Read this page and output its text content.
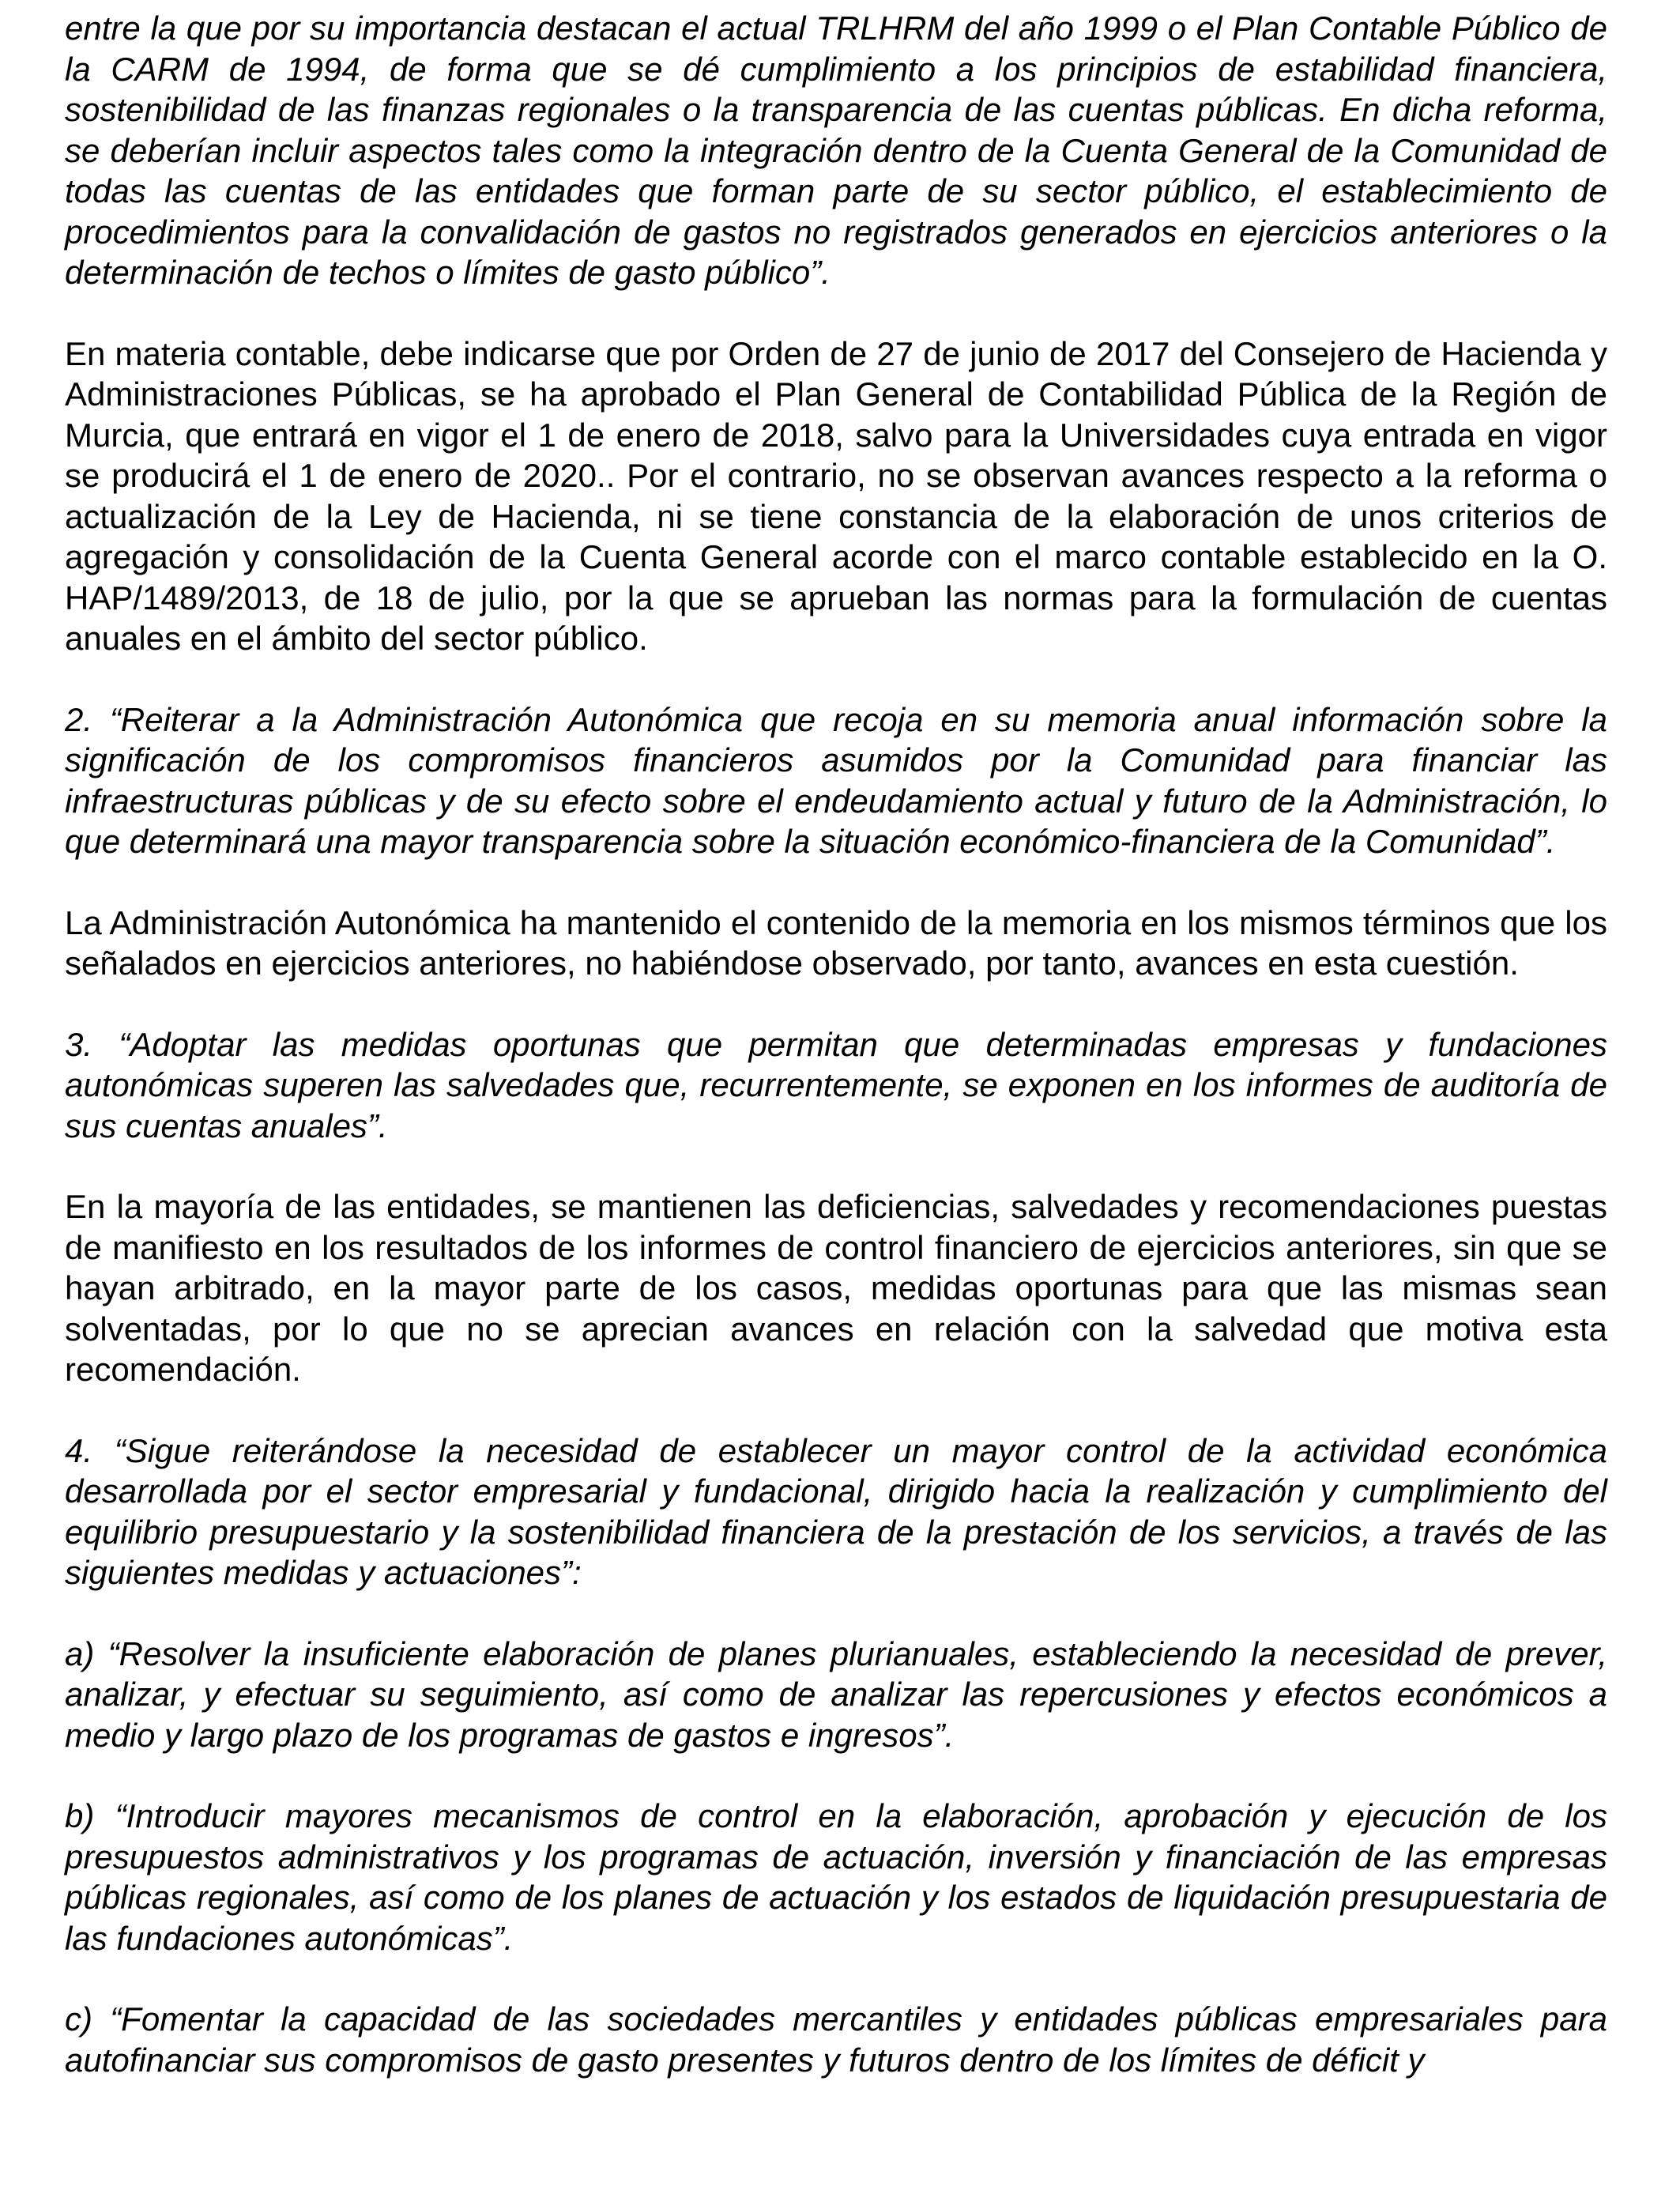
entre la que por su importancia destacan el actual TRLHRM del año 1999 o el Plan Contable Público de la CARM de 1994, de forma que se dé cumplimiento a los principios de estabilidad financiera, sostenibilidad de las finanzas regionales o la transparencia de las cuentas públicas. En dicha reforma, se deberían incluir aspectos tales como la integración dentro de la Cuenta General de la Comunidad de todas las cuentas de las entidades que forman parte de su sector público, el establecimiento de procedimientos para la convalidación de gastos no registrados generados en ejercicios anteriores o la determinación de techos o límites de gasto público”.

En materia contable, debe indicarse que por Orden de 27 de junio de 2017 del Consejero de Hacienda y Administraciones Públicas, se ha aprobado el Plan General de Contabilidad Pública de la Región de Murcia, que entrará en vigor el 1 de enero de 2018, salvo para la Universidades cuya entrada en vigor se producirá el 1 de enero de 2020.. Por el contrario, no se observan avances respecto a la reforma o actualización de la Ley de Hacienda, ni se tiene constancia de la elaboración de unos criterios de agregación y consolidación de la Cuenta General acorde con el marco contable establecido en la O. HAP/1489/2013, de 18 de julio, por la que se aprueban las normas para la formulación de cuentas anuales en el ámbito del sector público.

2. “Reiterar a la Administración Autonómica que recoja en su memoria anual información sobre la significación de los compromisos financieros asumidos por la Comunidad para financiar las infraestructuras públicas y de su efecto sobre el endeudamiento actual y futuro de la Administración, lo que determinará una mayor transparencia sobre la situación económico-financiera de la Comunidad”.

La Administración Autonómica ha mantenido el contenido de la memoria en los mismos términos que los señalados en ejercicios anteriores, no habiéndose observado, por tanto, avances en esta cuestión.

3. “Adoptar las medidas oportunas que permitan que determinadas empresas y fundaciones autonómicas superen las salvedades que, recurrentemente, se exponen en los informes de auditoría de sus cuentas anuales”.

En la mayoría de las entidades, se mantienen las deficiencias, salvedades y recomendaciones puestas de manifiesto en los resultados de los informes de control financiero de ejercicios anteriores, sin que se hayan arbitrado, en la mayor parte de los casos, medidas oportunas para que las mismas sean solventadas, por lo que no se aprecian avances en relación con la salvedad que motiva esta recomendación.

4. “Sigue reiterándose la necesidad de establecer un mayor control de la actividad económica desarrollada por el sector empresarial y fundacional, dirigido hacia la realización y cumplimiento del equilibrio presupuestario y la sostenibilidad financiera de la prestación de los servicios, a través de las siguientes medidas y actuaciones”:

a) “Resolver la insuficiente elaboración de planes plurianuales, estableciendo la necesidad de prever, analizar, y efectuar su seguimiento, así como de analizar las repercusiones y efectos económicos a medio y largo plazo de los programas de gastos e ingresos”.

b) “Introducir mayores mecanismos de control en la elaboración, aprobación y ejecución de los presupuestos administrativos y los programas de actuación, inversión y financiación de las empresas públicas regionales, así como de los planes de actuación y los estados de liquidación presupuestaria de las fundaciones autonómicas”.

c) “Fomentar la capacidad de las sociedades mercantiles y entidades públicas empresariales para autofinanciar sus compromisos de gasto presentes y futuros dentro de los límites de déficit y
